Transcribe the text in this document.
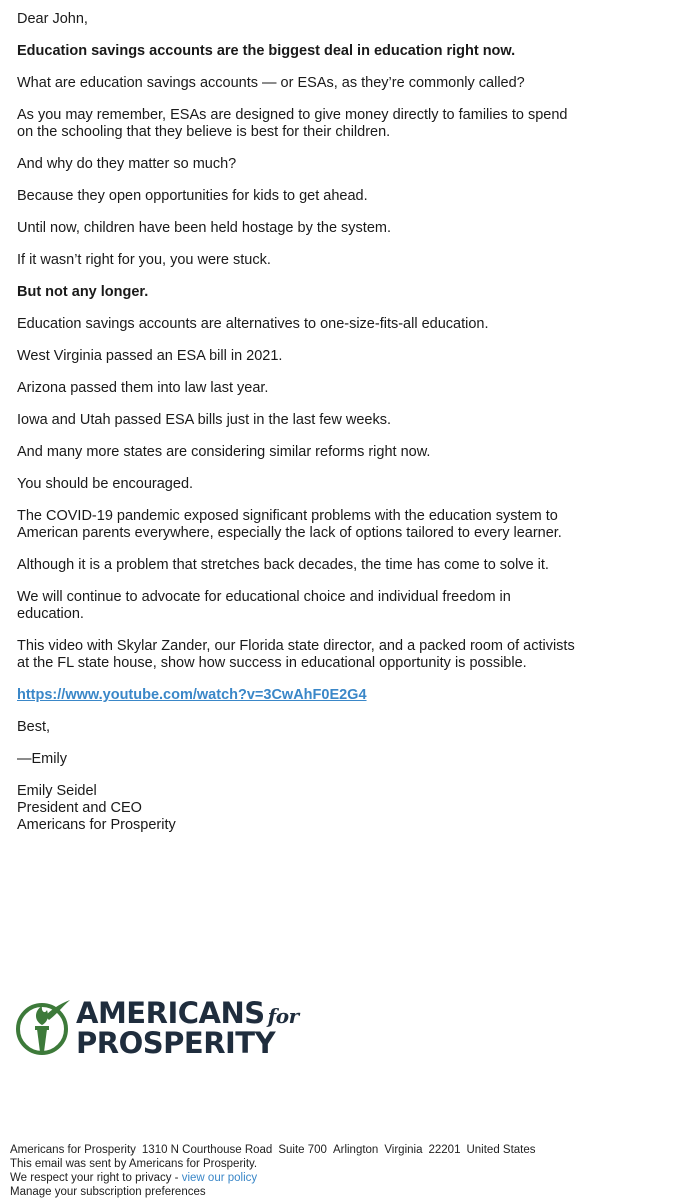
Dear John,

Education savings accounts are the biggest deal in education right now.

What are education savings accounts — or ESAs, as they’re commonly called?

As you may remember, ESAs are designed to give money directly to families to spend on the schooling that they believe is best for their children.

And why do they matter so much?

Because they open opportunities for kids to get ahead.

Until now, children have been held hostage by the system.

If it wasn’t right for you, you were stuck.

But not any longer.

Education savings accounts are alternatives to one-size-fits-all education.

West Virginia passed an ESA bill in 2021.

Arizona passed them into law last year.

Iowa and Utah passed ESA bills just in the last few weeks.

And many more states are considering similar reforms right now.

You should be encouraged.

The COVID-19 pandemic exposed significant problems with the education system to American parents everywhere, especially the lack of options tailored to every learner.

Although it is a problem that stretches back decades, the time has come to solve it.

We will continue to advocate for educational choice and individual freedom in education.

This video with Skylar Zander, our Florida state director, and a packed room of activists at the FL state house, show how success in educational opportunity is possible.

https://www.youtube.com/watch?v=3CwAhF0E2G4

Best,

—Emily

Emily Seidel
President and CEO
Americans for Prosperity
AMERICANS for
PROSPERITY
Americans for Prosperity 1310 N Courthouse Road Suite 700 Arlington Virginia 22201 United States
This email was sent by Americans for Prosperity.
We respect your right to privacy - view our policy
Manage your subscription preferences
